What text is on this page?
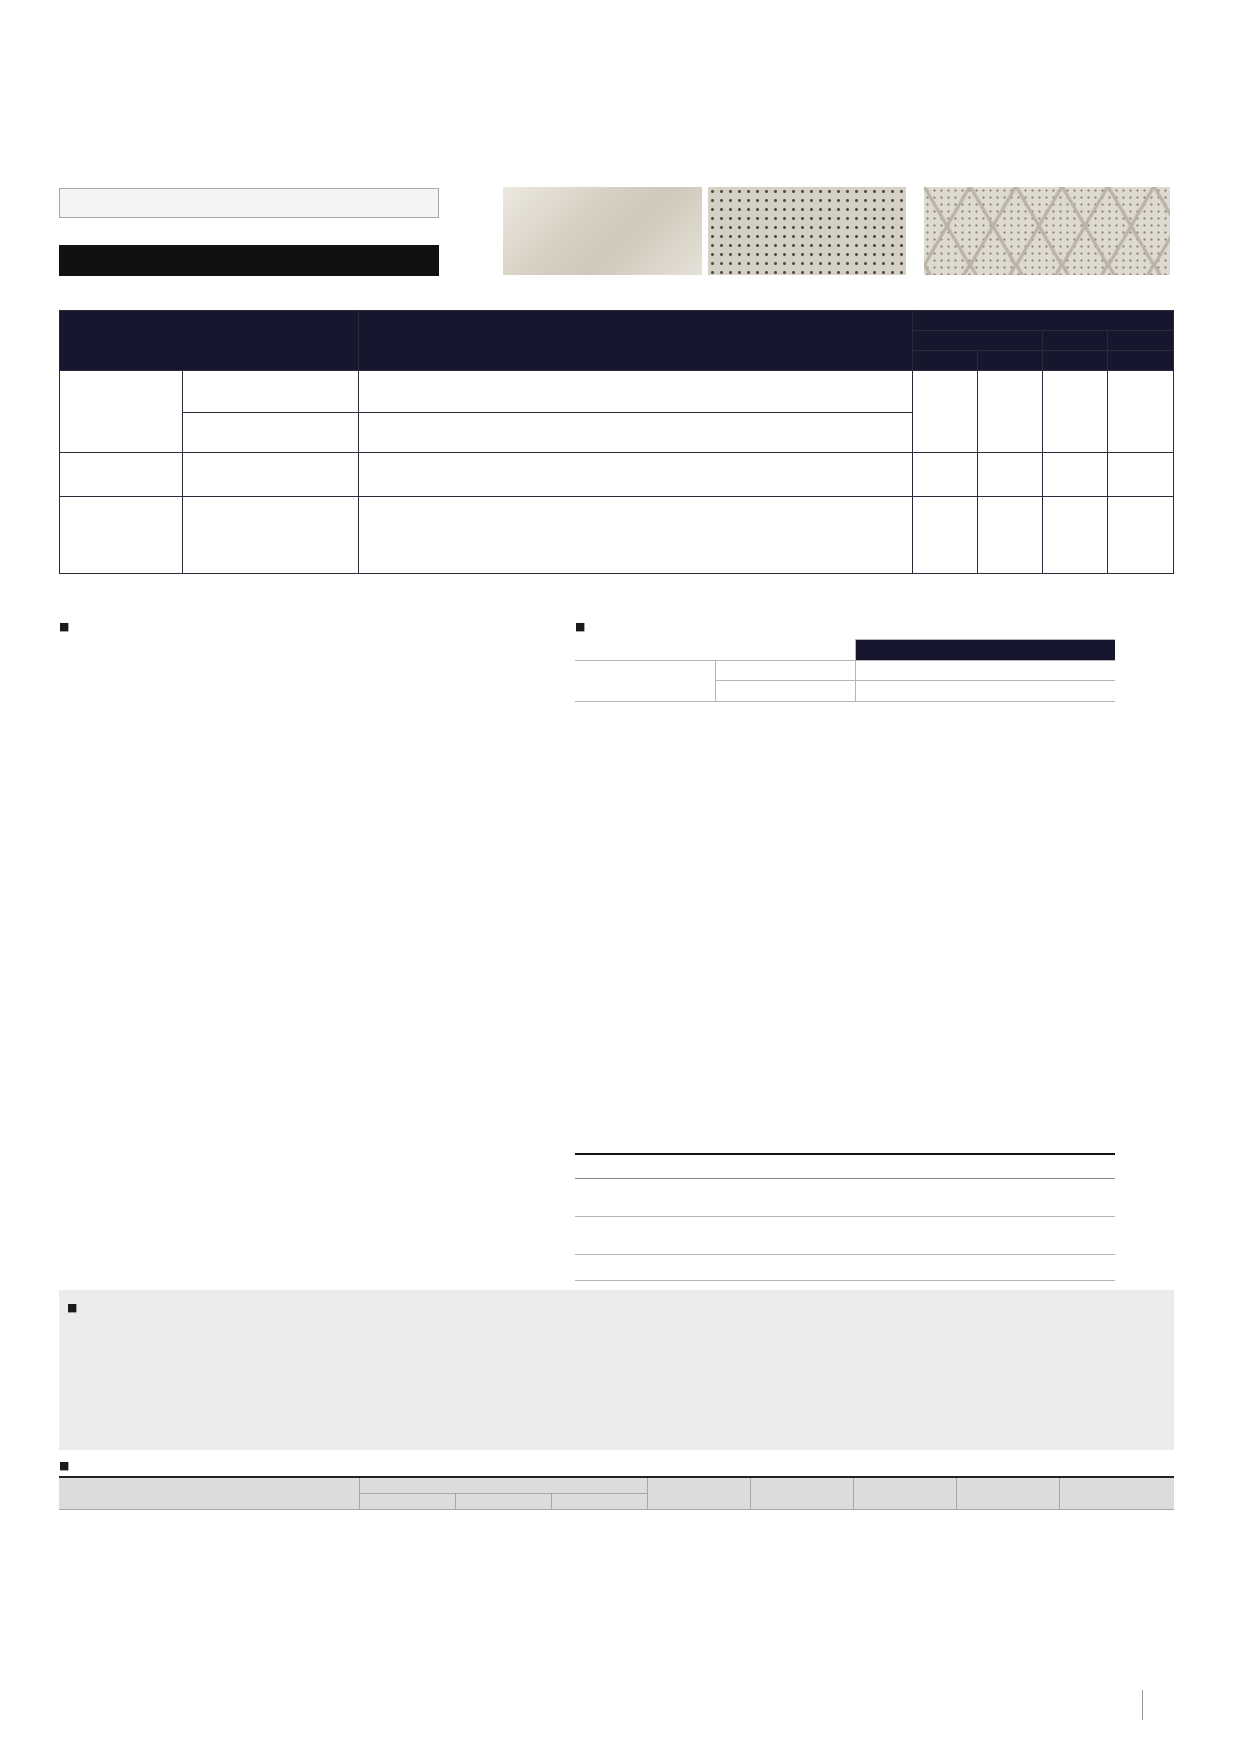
■
■

■
■
